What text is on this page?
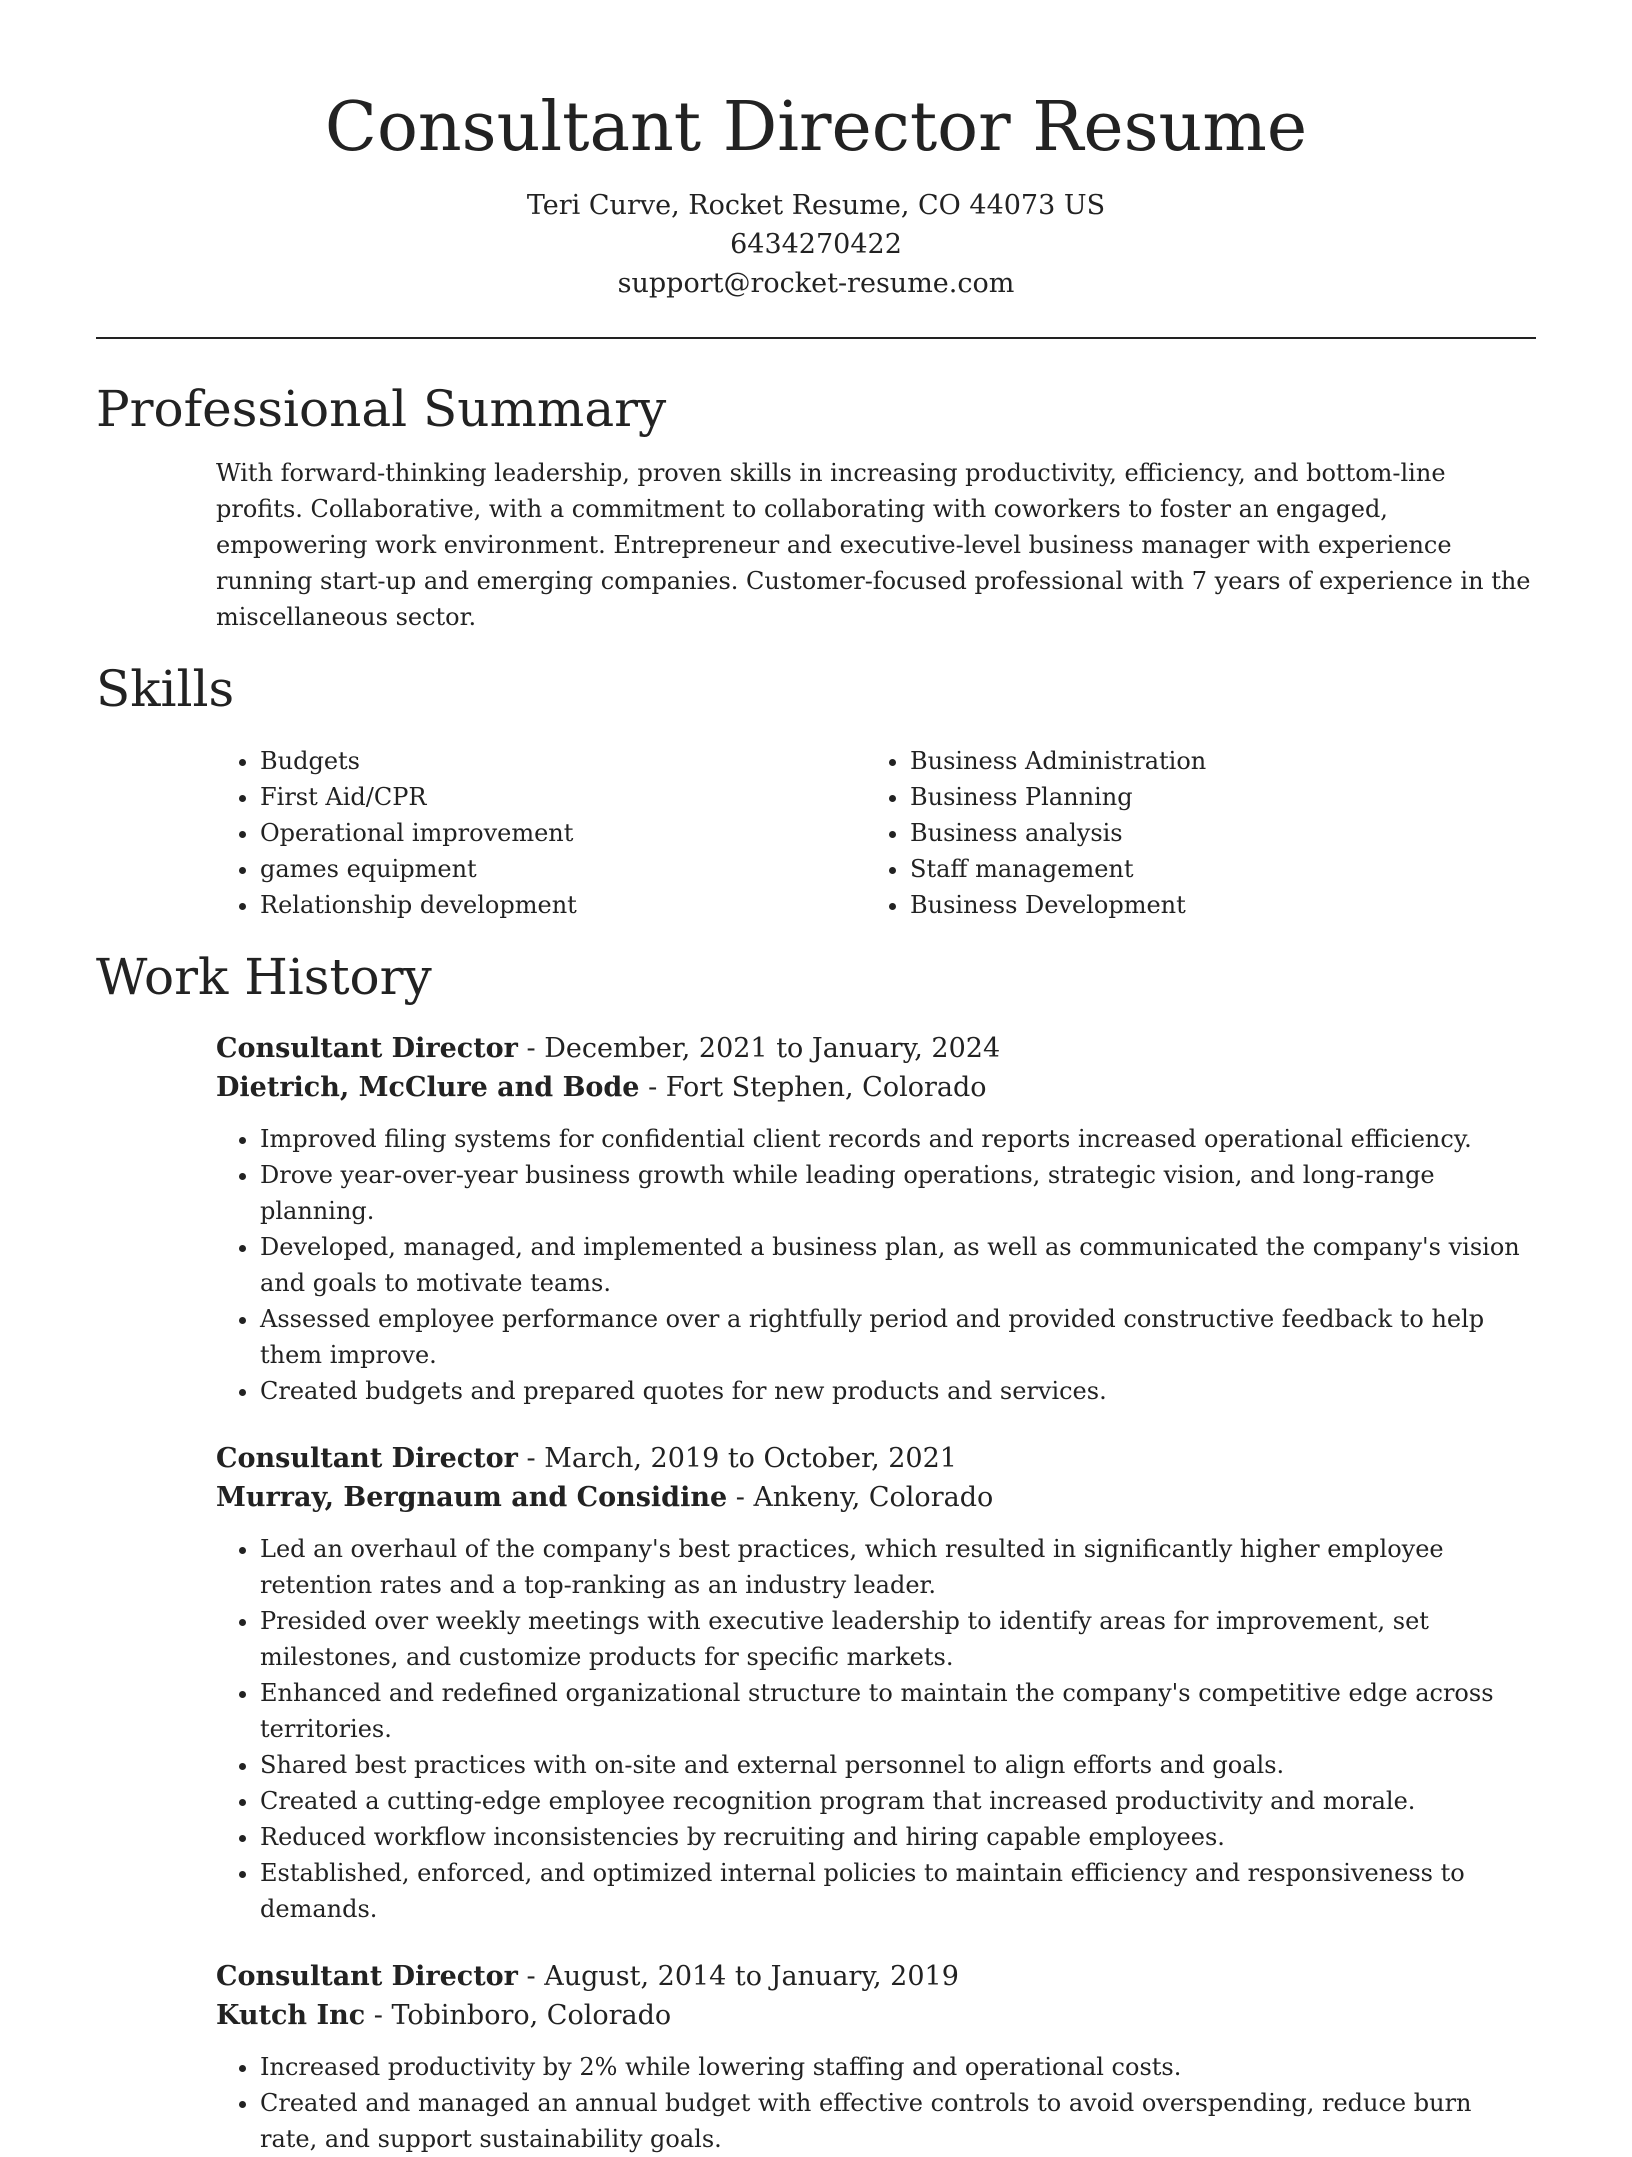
Consultant Director Resume
Teri Curve, Rocket Resume, CO 44073 US
6434270422
support@rocket-resume.com
Professional Summary

With forward-thinking leadership, proven skills in increasing productivity, efficiency, and bottom-line profits. Collaborative, with a commitment to collaborating with coworkers to foster an engaged, empowering work environment. Entrepreneur and executive-level business manager with experience running start-up and emerging companies. Customer-focused professional with 7 years of experience in the miscellaneous sector.

Skills
• Budgets
• First Aid/CPR
• Operational improvement
• games equipment
• Relationship development
• Business Administration
• Business Planning
• Business analysis
• Staff management
• Business Development
Work History
Consultant Director - December, 2021 to January, 2024
Dietrich, McClure and Bode - Fort Stephen, Colorado
• Improved filing systems for confidential client records and reports increased operational efficiency.
• Drove year-over-year business growth while leading operations, strategic vision, and long-range planning.
• Developed, managed, and implemented a business plan, as well as communicated the company's vision and goals to motivate teams.
• Assessed employee performance over a rightfully period and provided constructive feedback to help them improve.
• Created budgets and prepared quotes for new products and services.
Consultant Director - March, 2019 to October, 2021
Murray, Bergnaum and Considine - Ankeny, Colorado
• Led an overhaul of the company's best practices, which resulted in significantly higher employee retention rates and a top-ranking as an industry leader.
• Presided over weekly meetings with executive leadership to identify areas for improvement, set milestones, and customize products for specific markets.
• Enhanced and redefined organizational structure to maintain the company's competitive edge across territories.
• Shared best practices with on-site and external personnel to align efforts and goals.
• Created a cutting-edge employee recognition program that increased productivity and morale.
• Reduced workflow inconsistencies by recruiting and hiring capable employees.
• Established, enforced, and optimized internal policies to maintain efficiency and responsiveness to demands.
Consultant Director - August, 2014 to January, 2019
Kutch Inc - Tobinboro, Colorado
• Increased productivity by 2% while lowering staffing and operational costs.
• Created and managed an annual budget with effective controls to avoid overspending, reduce burn rate, and support sustainability goals.
